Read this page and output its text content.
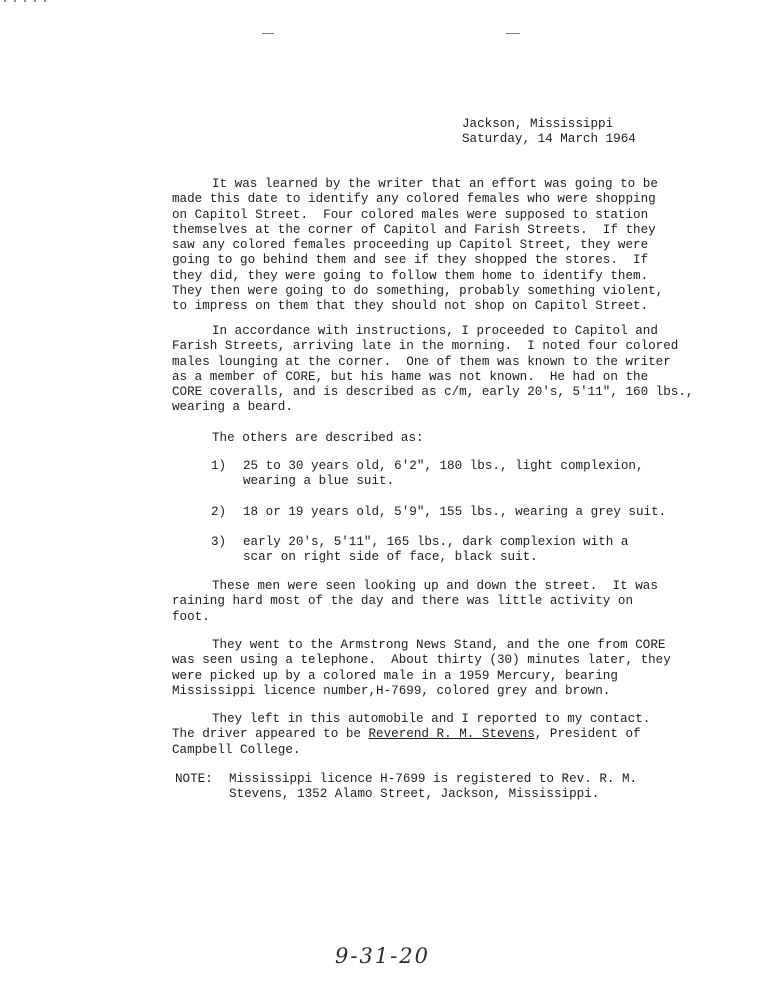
Jackson, Mississippi
Saturday, 14 March 1964
It was learned by the writer that an effort was going to be
made this date to identify any colored females who were shopping
on Capitol Street.  Four colored males were supposed to station
themselves at the corner of Capitol and Farish Streets.  If they
saw any colored females proceeding up Capitol Street, they were
going to go behind them and see if they shopped the stores.  If
they did, they were going to follow them home to identify them.
They then were going to do something, probably something violent,
to impress on them that they should not shop on Capitol Street.
In accordance with instructions, I proceeded to Capitol and
Farish Streets, arriving late in the morning.  I noted four colored
males lounging at the corner.  One of them was known to the writer
as a member of CORE, but his hame was not known.  He had on the
CORE coveralls, and is described as c/m, early 20's, 5'11", 160 lbs.,
wearing a beard.
The others are described as:
1) 25 to 30 years old, 6'2", 180 lbs., light complexion,
wearing a blue suit.
2) 18 or 19 years old, 5'9", 155 lbs., wearing a grey suit.
3) early 20's, 5'11", 165 lbs., dark complexion with a
scar on right side of face, black suit.
These men were seen looking up and down the street.  It was
raining hard most of the day and there was little activity on
foot.
They went to the Armstrong News Stand, and the one from CORE
was seen using a telephone.  About thirty (30) minutes later, they
were picked up by a colored male in a 1959 Mercury, bearing
Mississippi licence number,H-7699, colored grey and brown.
They left in this automobile and I reported to my contact.
The driver appeared to be Reverend R. M. Stevens, President of
Campbell College.
NOTE: Mississippi licence H-7699 is registered to Rev. R. M.
Stevens, 1352 Alamo Street, Jackson, Mississippi.
9-31-20
